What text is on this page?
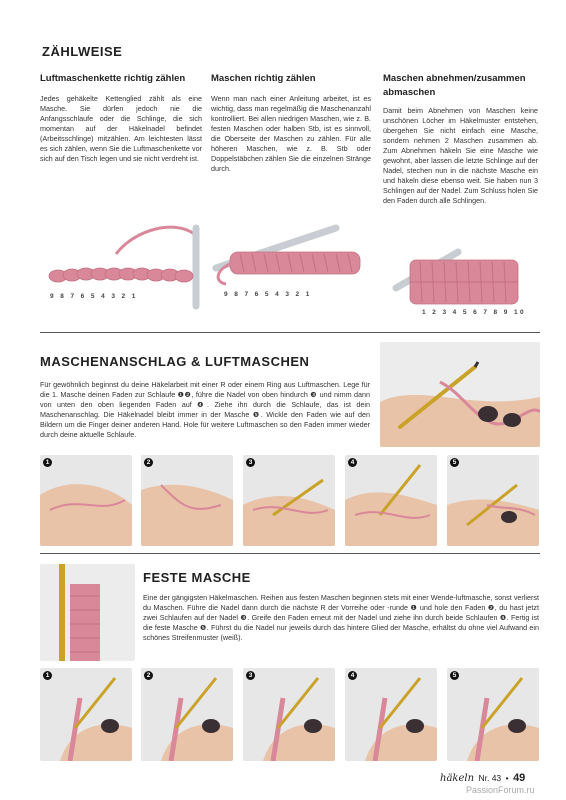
ZÄHLWEISE
Luftmaschenkette richtig zählen
Jedes gehäkelte Kettenglied zählt als eine Masche. Sie dürfen jedoch nie die Anfangsschlaufe oder die Schlinge, die sich momentan auf der Häkelnadel befindet (Arbeitsschlinge) mitzählen. Am leichtesten lässt es sich zählen, wenn Sie die Luftmaschenkette vor sich auf den Tisch legen und sie nicht verdreht ist.
Maschen richtig zählen
Wenn man nach einer Anleitung arbeitet, ist es wichtig, dass man regelmäßig die Maschenanzahl kontrolliert. Bei allen niedrigen Maschen, wie z. B. festen Maschen oder halben Stb, ist es sinnvoll, die Oberseite der Maschen zu zählen. Für alle höheren Maschen, wie z. B. Stb oder Doppelstäbchen zählen Sie die einzelnen Stränge durch.
Maschen abnehmen/zusammen abmaschen
Damit beim Abnehmen von Maschen keine unschönen Löcher im Häkelmuster entstehen, übergehen Sie nicht einfach eine Masche, sondern nehmen 2 Maschen zusammen ab. Zum Abnehmen häkeln Sie eine Masche wie gewohnt, aber lassen die letzte Schlinge auf der Nadel, stechen nun in die nächste Masche ein und häkeln diese ebenso weit. Sie haben nun 3 Schlingen auf der Nadel. Zum Schluss holen Sie den Faden durch alle Schlingen.
9 8 7 6 5 4 3 2 1	9 8 7 6 5 4 3 2 1
1 2 3 4 5 6 7 8 9 10
MASCHENANSCHLAG & LUFTMASCHEN
Für gewöhnlich beginnst du deine Häkelarbeit mit einer R oder einem Ring aus Luftmaschen. Lege für die 1. Masche deinen Faden zur Schlaufe ❶❷, führe die Nadel von oben hindurch ❸ und nimm dann von unten den oben liegenden Faden auf ❹. Ziehe ihn durch die Schlaufe, das ist dein Maschenanschlag. Die Häkelnadel bleibt immer in der Masche ❺. Wickle den Faden wie auf den Bildern um die Finger deiner anderen Hand. Hole für weitere Luftmaschen so den Faden immer wieder durch deine aktuelle Schlaufe.
1	2	3	4	5
FESTE MASCHE
Eine der gängigsten Häkelmaschen. Reihen aus festen Maschen beginnen stets mit einer Wende-luftmasche, sonst verlierst du Maschen. Führe die Nadel dann durch die nächste R der Vorreihe oder -runde ❶ und hole den Faden ❷, du hast jetzt zwei Schlaufen auf der Nadel ❸. Greife den Faden erneut mit der Nadel und ziehe ihn durch beide Schlaufen ❹. Fertig ist die feste Masche ❺. Führst du die Nadel nur jeweils durch das hintere Glied der Masche, erhältst du ohne viel Aufwand ein schönes Streifenmuster (weiß).
1	2	3	4	5
häkeln Nr. 43 • 49
PassionForum.ru
